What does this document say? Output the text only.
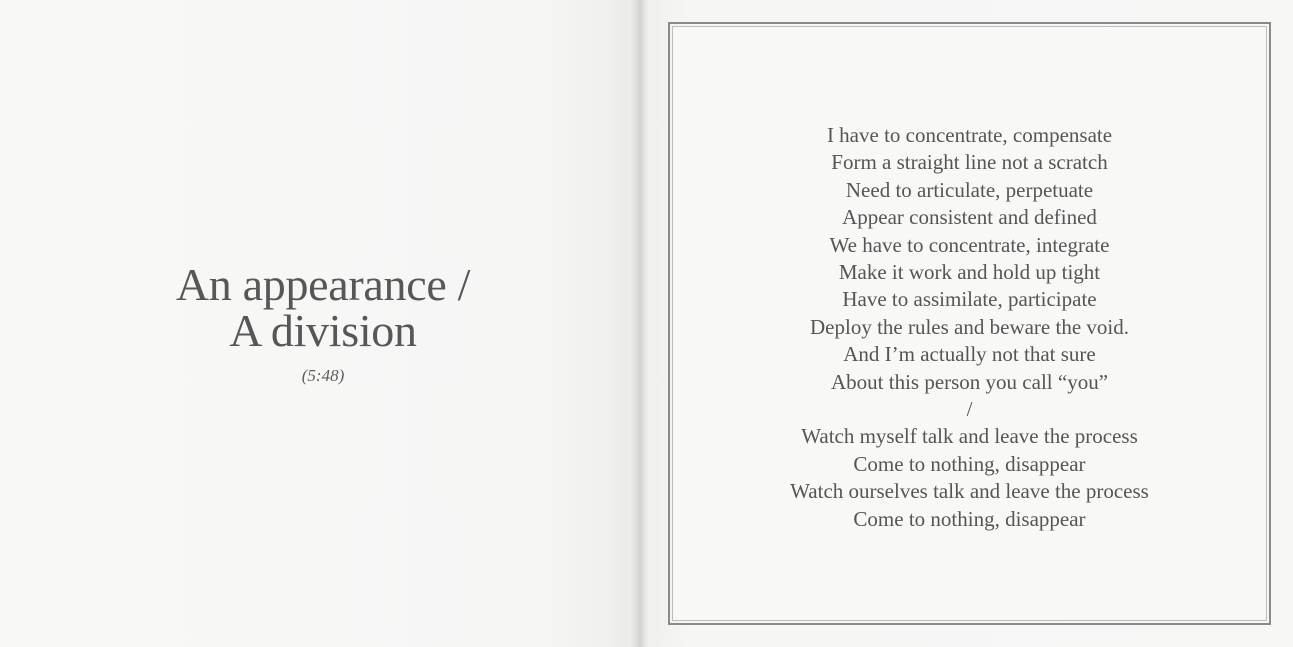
An appearance /
A division
(5:48)
I have to concentrate, compensate
Form a straight line not a scratch
Need to articulate, perpetuate
Appear consistent and defined
We have to concentrate, integrate
Make it work and hold up tight
Have to assimilate, participate
Deploy the rules and beware the void.
And I’m actually not that sure
About this person you call “you”
/
Watch myself talk and leave the process
Come to nothing, disappear
Watch ourselves talk and leave the process
Come to nothing, disappear
